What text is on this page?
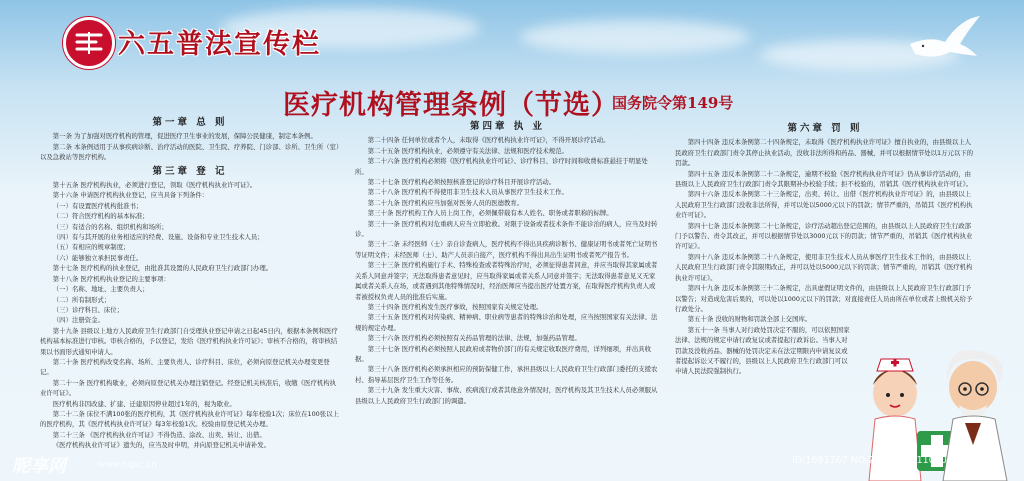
六五普法宣传栏
医疗机构管理条例（节选）
国务院令第149号
第一章 总 则

第一条 为了加强对医疗机构的管理，促进医疗卫生事业的发展，保障公民健康，制定本条例。

第二条 本条例适用于从事疾病诊断、治疗活动的医院、卫生院、疗养院、门诊部、诊所、卫生所（室）以及急救站等医疗机构。

第三章 登 记

第十五条 医疗机构执业，必须进行登记，领取《医疗机构执业许可证》。

第十六条 申请医疗机构执业登记，应当具备下列条件：

（一）有设置医疗机构批准书；

（二）符合医疗机构的基本标准；

（三）有适合的名称、组织机构和场所；

（四）有与其开展的业务相适应的经费、设施、设备和专业卫生技术人员；

（五）有相应的规章制度；

（六）能够独立承担民事责任。

第十七条 医疗机构的执业登记，由批准其设置的人民政府卫生行政部门办理。

第十八条 医疗机构执业登记的主要事项：

（一）名称、地址、主要负责人；

（二）所有制形式；

（三）诊疗科目、床位；

（四）注册资金。

第十九条 县级以上地方人民政府卫生行政部门自受理执业登记申请之日起45日内，根据本条例和医疗机构基本标准进行审核。审核合格的，予以登记，发给《医疗机构执业许可证》；审核不合格的，将审核结果以书面形式通知申请人。

第二十条 医疗机构改变名称、场所、主要负责人、诊疗科目、床位，必须向原登记机关办理变更登记。

第二十一条 医疗机构歇业，必须向原登记机关办理注销登记。经登记机关核准后，收缴《医疗机构执业许可证》。

医疗机构非因改建、扩建、迁建原因停业超过1年的，视为歇业。

第二十二条 床位不满100张的医疗机构，其《医疗机构执业许可证》每年校验1次；床位在100张以上的医疗机构，其《医疗机构执业许可证》每3年校验1次。校验由原登记机关办理。

第二十三条 《医疗机构执业许可证》不得伪造、涂改、出卖、转让、出借。

《医疗机构执业许可证》遗失的，应当及时申明，并向原登记机关申请补发。

第四章 执 业

第二十四条 任何单位或者个人，未取得《医疗机构执业许可证》，不得开展诊疗活动。

第二十五条 医疗机构执业，必须遵守有关法律、法规和医疗技术规范。

第二十六条 医疗机构必须将《医疗机构执业许可证》、诊疗科目、诊疗时间和收费标准悬挂于明显处所。

第二十七条 医疗机构必须按照核准登记的诊疗科目开展诊疗活动。

第二十八条 医疗机构不得使用非卫生技术人员从事医疗卫生技术工作。

第二十九条 医疗机构应当加强对医务人员的医德教育。

第三十条 医疗机构工作人员上岗工作，必须佩带载有本人姓名、职务或者职称的标牌。

第三十一条 医疗机构对危重病人应当立即抢救。对限于设备或者技术条件不能诊治的病人，应当及时转诊。

第三十二条 未经医师（士）亲自诊查病人，医疗机构不得出具疾病诊断书、健康证明书或者死亡证明书等证明文件；未经医师（士）、助产人员亲自接产，医疗机构不得出具出生证明书或者死产报告书。

第三十三条 医疗机构施行手术、特殊检查或者特殊治疗时，必须征得患者同意，并应当取得其家属或者关系人同意并签字；无法取得患者意见时，应当取得家属或者关系人同意并签字；无法取得患者意见又无家属或者关系人在场，或者遇到其他特殊情况时，经治医师应当提出医疗处置方案，在取得医疗机构负责人或者被授权负责人员的批准后实施。

第三十四条 医疗机构发生医疗事故，按照国家有关规定处理。

第三十五条 医疗机构对传染病、精神病、职业病等患者的特殊诊治和处理，应当按照国家有关法律、法规的规定办理。

第三十六条 医疗机构必须按照有关药品管理的法律、法规，加强药品管理。

第三十七条 医疗机构必须按照人民政府或者物价部门的有关规定收取医疗费用，详列细项，并出具收据。

第三十八条 医疗机构必须承担相应的预防保健工作，承担县级以上人民政府卫生行政部门委托的支援农村、指导基层医疗卫生工作等任务。

第三十九条 发生重大灾害、事故、疾病流行或者其他意外情况时，医疗机构及其卫生技术人员必须服从县级以上人民政府卫生行政部门的调遣。

第六章 罚 则

第四十四条 违反本条例第二十四条规定，未取得《医疗机构执业许可证》擅自执业的，由县级以上人民政府卫生行政部门责令其停止执业活动，没收非法所得和药品、器械，并可以根据情节处以1万元以下的罚款。

第四十五条 违反本条例第二十二条规定，逾期不校验《医疗机构执业许可证》仍从事诊疗活动的，由县级以上人民政府卫生行政部门责令其限期补办校验手续；拒不校验的，吊销其《医疗机构执业许可证》。

第四十六条 违反本条例第二十三条规定，出卖、转让、出借《医疗机构执业许可证》的，由县级以上人民政府卫生行政部门没收非法所得，并可以处以5000元以下的罚款；情节严重的，吊销其《医疗机构执业许可证》。

第四十七条 违反本条例第二十七条规定，诊疗活动超出登记范围的，由县级以上人民政府卫生行政部门予以警告、责令其改正，并可以根据情节处以3000元以下的罚款；情节严重的，吊销其《医疗机构执业许可证》。

第四十八条 违反本条例第二十八条规定，使用非卫生技术人员从事医疗卫生技术工作的，由县级以上人民政府卫生行政部门责令其限期改正，并可以处以5000元以下的罚款；情节严重的，吊销其《医疗机构执业许可证》。

第四十九条 违反本条例第三十二条规定，出具虚假证明文件的，由县级以上人民政府卫生行政部门予以警告；对造成危害后果的，可以处以1000元以下的罚款；对直接责任人员由所在单位或者上级机关给予行政处分。

第五十条 没收的财物和罚款全部上交国库。

第五十一条 当事人对行政处罚决定不服的，可以依照国家法律、法规的规定申请行政复议或者提起行政诉讼。当事人对罚款及没收药品、器械的处罚决定未在法定期限内申请复议或者提起诉讼又不履行的，县级以上人民政府卫生行政部门可以申请人民法院强制执行。

昵享网	www.nipic.cn	ID:1691767 NO:20170925110801480034
